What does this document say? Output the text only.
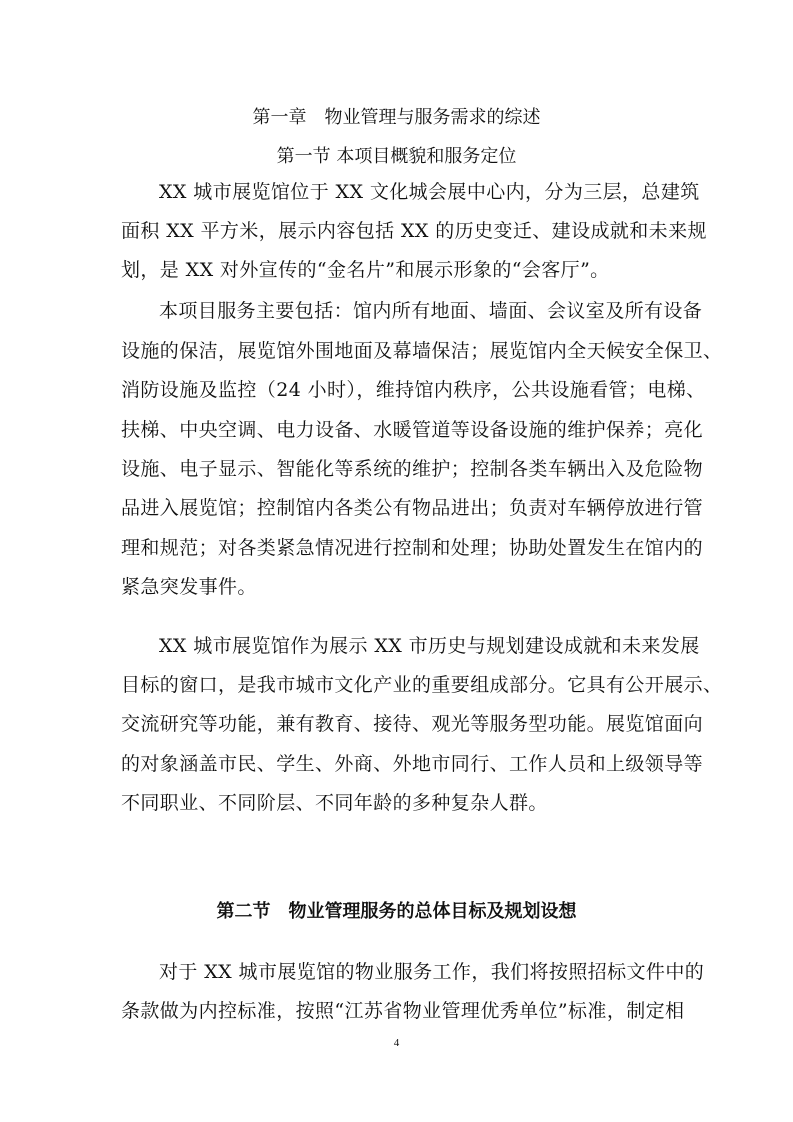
第一章　物业管理与服务需求的综述
第一节 本项目概貌和服务定位
XX 城市展览馆位于 XX 文化城会展中心内，分为三层，总建筑
面积 XX 平方米，展示内容包括 XX 的历史变迁、建设成就和未来规
划，是 XX 对外宣传的“金名片”和展示形象的“会客厅”。
本项目服务主要包括：馆内所有地面、墙面、会议室及所有设备
设施的保洁，展览馆外围地面及幕墙保洁；展览馆内全天候安全保卫、
消防设施及监控（24 小时），维持馆内秩序，公共设施看管；电梯、
扶梯、中央空调、电力设备、水暖管道等设备设施的维护保养；亮化
设施、电子显示、智能化等系统的维护；控制各类车辆出入及危险物
品进入展览馆；控制馆内各类公有物品进出；负责对车辆停放进行管
理和规范；对各类紧急情况进行控制和处理；协助处置发生在馆内的
紧急突发事件。
XX 城市展览馆作为展示 XX 市历史与规划建设成就和未来发展
目标的窗口，是我市城市文化产业的重要组成部分。它具有公开展示、
交流研究等功能，兼有教育、接待、观光等服务型功能。展览馆面向
的对象涵盖市民、学生、外商、外地市同行、工作人员和上级领导等
不同职业、不同阶层、不同年龄的多种复杂人群。
第二节　物业管理服务的总体目标及规划设想
对于 XX 城市展览馆的物业服务工作，我们将按照招标文件中的
条款做为内控标准，按照“江苏省物业管理优秀单位”标准，制定相
4
